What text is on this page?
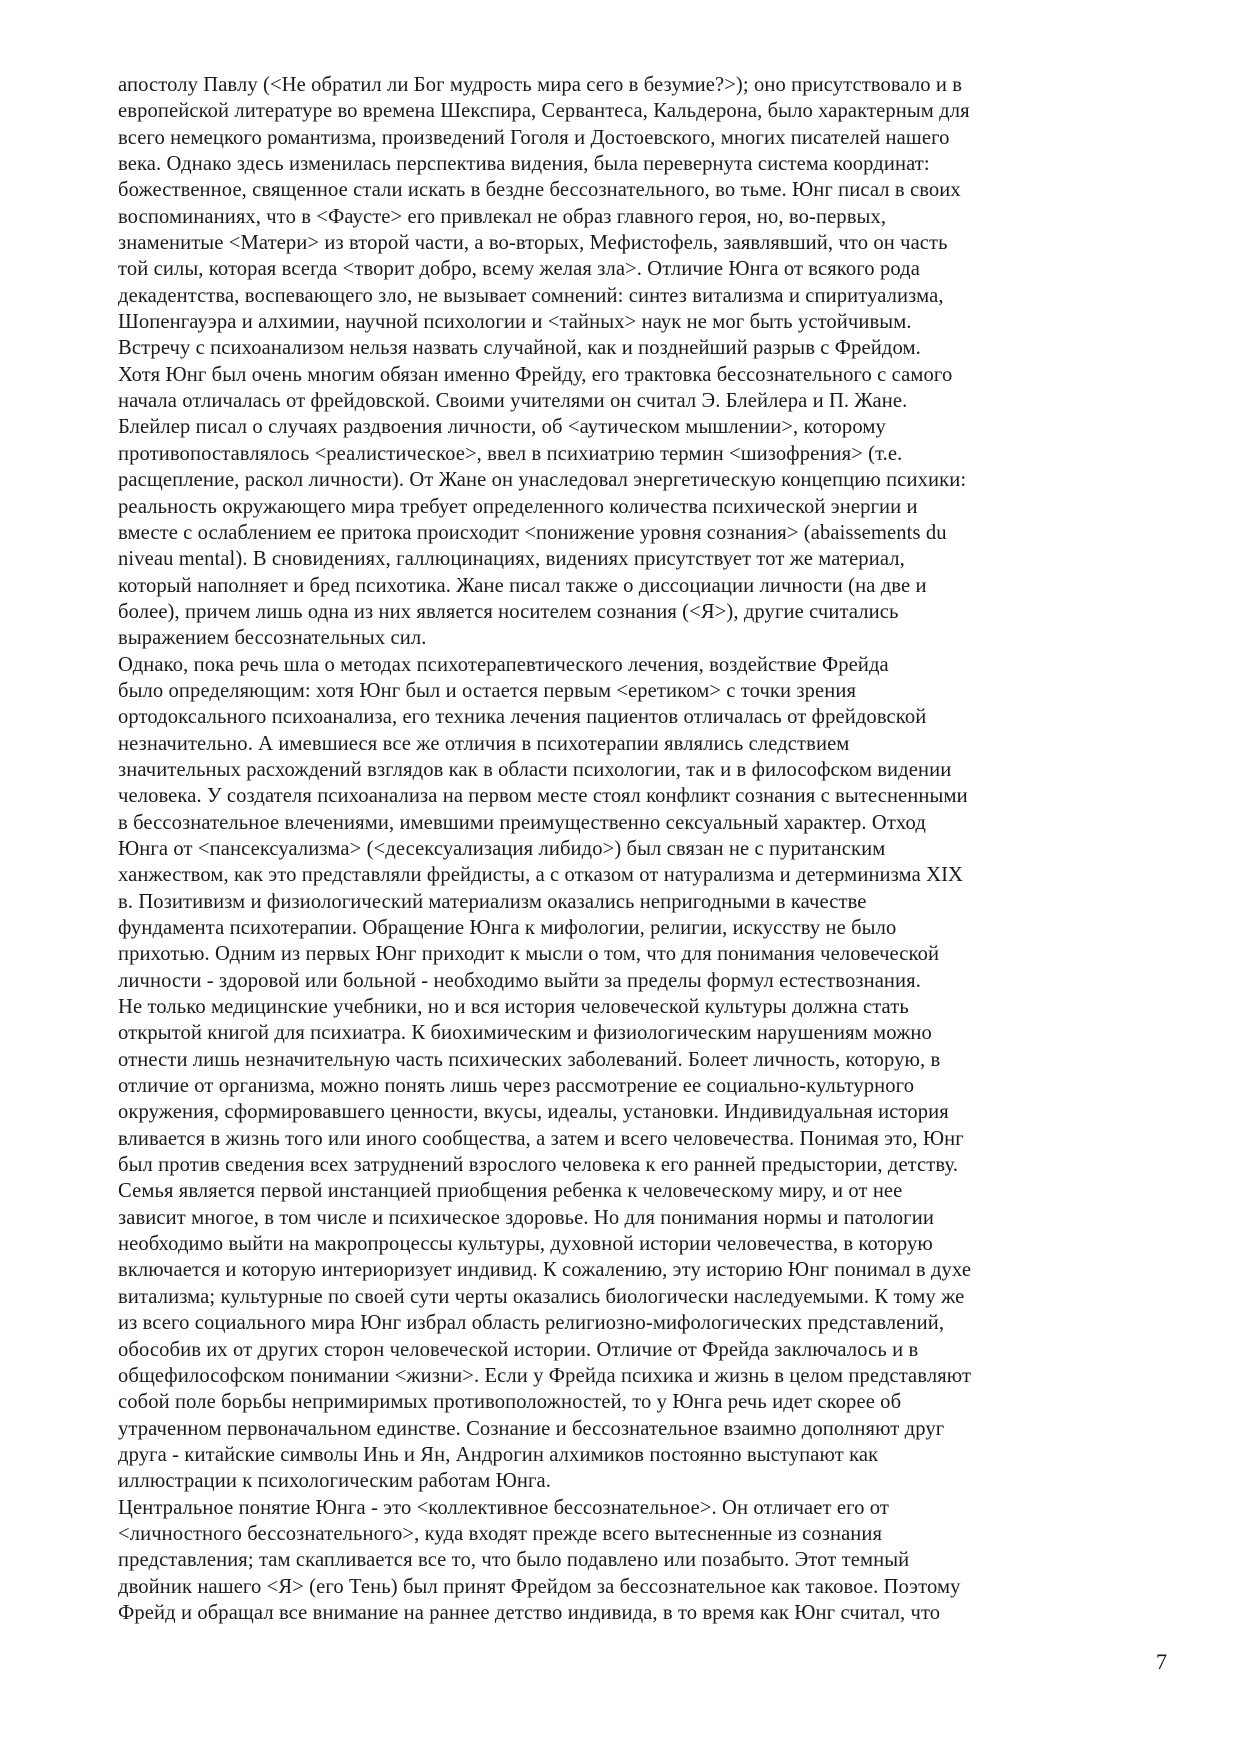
апостолу Павлу (<Не обратил ли Бог мудрость мира сего в безумие?>); оно присутствовало и в
европейской литературе во времена Шекспира, Сервантеса, Кальдерона, было характерным для
всего немецкого романтизма, произведений Гоголя и Достоевского, многих писателей нашего
века. Однако здесь изменилась перспектива видения, была перевернута система координат:
божественное, священное стали искать в бездне бессознательного, во тьме. Юнг писал в своих
воспоминаниях, что в <Фаусте> его привлекал не образ главного героя, но, во-первых,
знаменитые <Матери> из второй части, а во-вторых, Мефистофель, заявлявший, что он часть
той силы, которая всегда <творит добро, всему желая зла>. Отличие Юнга от всякого рода
декадентства, воспевающего зло, не вызывает сомнений: синтез витализма и спиритуализма,
Шопенгауэра и алхимии, научной психологии и <тайных> наук не мог быть устойчивым.
Встречу с психоанализом нельзя назвать случайной, как и позднейший разрыв с Фрейдом.
Хотя Юнг был очень многим обязан именно Фрейду, его трактовка бессознательного с самого
начала отличалась от фрейдовской. Своими учителями он считал Э. Блейлера и П. Жане.
Блейлер писал о случаях раздвоения личности, об <аутическом мышлении>, которому
противопоставлялось <реалистическое>, ввел в психиатрию термин <шизофрения> (т.е.
расщепление, раскол личности). От Жане он унаследовал энергетическую концепцию психики:
реальность окружающего мира требует определенного количества психической энергии и
вместе с ослаблением ее притока происходит <понижение уровня сознания> (abaissements du
niveau mental). В сновидениях, галлюцинациях, видениях присутствует тот же материал,
который наполняет и бред психотика. Жане писал также о диссоциации личности (на две и
более), причем лишь одна из них является носителем сознания (<Я>), другие считались
выражением бессознательных сил.
Однако, пока речь шла о методах психотерапевтического лечения, воздействие Фрейда
было определяющим: хотя Юнг был и остается первым <еретиком> с точки зрения
ортодоксального психоанализа, его техника лечения пациентов отличалась от фрейдовской
незначительно. А имевшиеся все же отличия в психотерапии являлись следствием
значительных расхождений взглядов как в области психологии, так и в философском видении
человека. У создателя психоанализа на первом месте стоял конфликт сознания с вытесненными
в бессознательное влечениями, имевшими преимущественно сексуальный характер. Отход
Юнга от <пансексуализма> (<десексуализация либидо>) был связан не с пуританским
ханжеством, как это представляли фрейдисты, а с отказом от натурализма и детерминизма XIX
в. Позитивизм и физиологический материализм оказались непригодными в качестве
фундамента психотерапии. Обращение Юнга к мифологии, религии, искусству не было
прихотью. Одним из первых Юнг приходит к мысли о том, что для понимания человеческой
личности - здоровой или больной - необходимо выйти за пределы формул естествознания.
Не только медицинские учебники, но и вся история человеческой культуры должна стать
открытой книгой для психиатра. К биохимическим и физиологическим нарушениям можно
отнести лишь незначительную часть психических заболеваний. Болеет личность, которую, в
отличие от организма, можно понять лишь через рассмотрение ее социально-культурного
окружения, сформировавшего ценности, вкусы, идеалы, установки. Индивидуальная история
вливается в жизнь того или иного сообщества, а затем и всего человечества. Понимая это, Юнг
был против сведения всех затруднений взрослого человека к его ранней предыстории, детству.
Семья является первой инстанцией приобщения ребенка к человеческому миру, и от нее
зависит многое, в том числе и психическое здоровье. Но для понимания нормы и патологии
необходимо выйти на макропроцессы культуры, духовной истории человечества, в которую
включается и которую интериоризует индивид. К сожалению, эту историю Юнг понимал в духе
витализма; культурные по своей сути черты оказались биологически наследуемыми. К тому же
из всего социального мира Юнг избрал область религиозно-мифологических представлений,
обособив их от других сторон человеческой истории. Отличие от Фрейда заключалось и в
общефилософском понимании <жизни>. Если у Фрейда психика и жизнь в целом представляют
собой поле борьбы непримиримых противоположностей, то у Юнга речь идет скорее об
утраченном первоначальном единстве. Сознание и бессознательное взаимно дополняют друг
друга - китайские символы Инь и Ян, Андрогин алхимиков постоянно выступают как
иллюстрации к психологическим работам Юнга.
Центральное понятие Юнга - это <коллективное бессознательное>. Он отличает его от
<личностного бессознательного>, куда входят прежде всего вытесненные из сознания
представления; там скапливается все то, что было подавлено или позабыто. Этот темный
двойник нашего <Я> (его Тень) был принят Фрейдом за бессознательное как таковое. Поэтому
Фрейд и обращал все внимание на раннее детство индивида, в то время как Юнг считал, что
7
